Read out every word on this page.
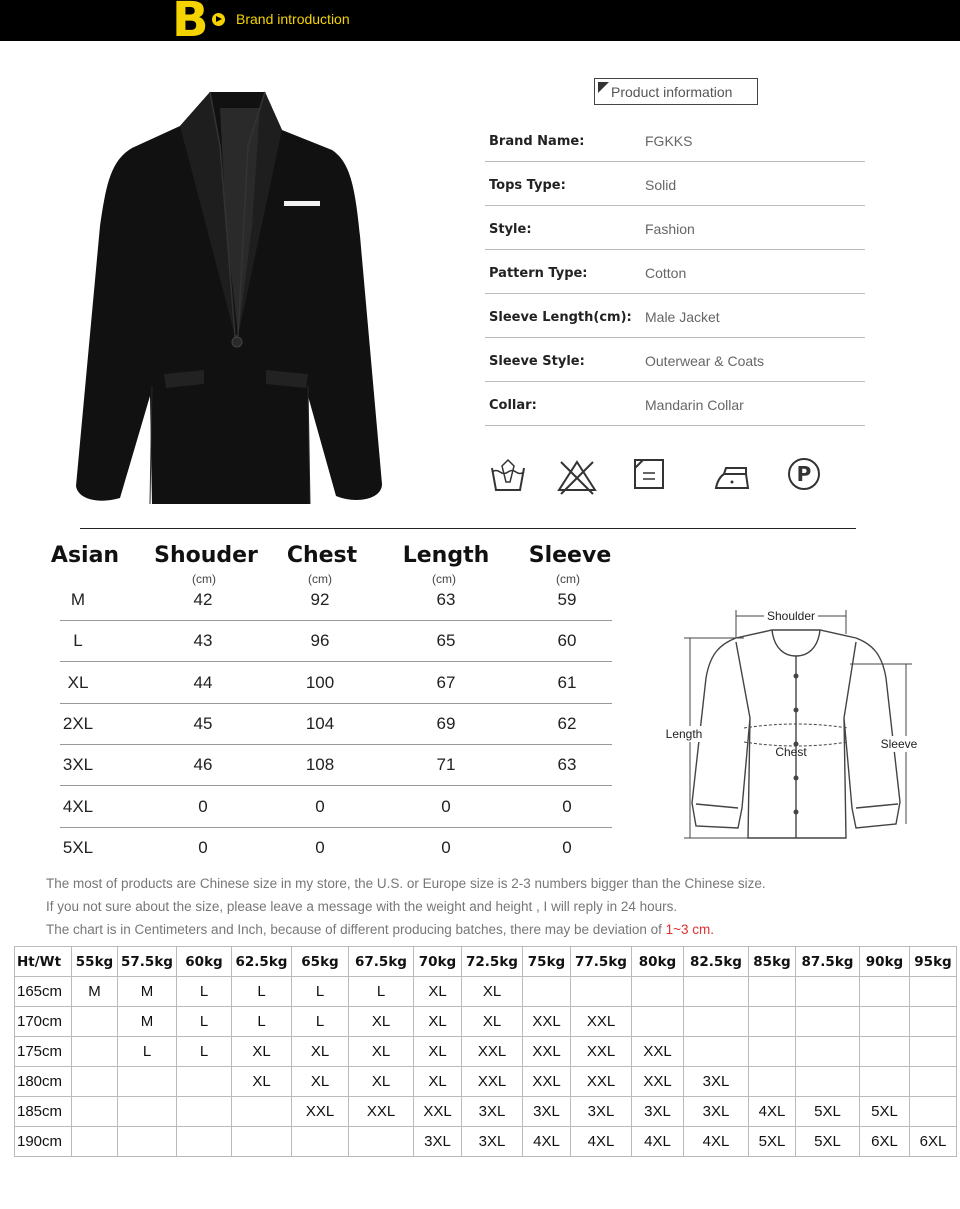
B Brand introduction
Product information
Brand Name:	FGKKS
Tops Type:	Solid
Style:	Fashion
Pattern Type:	Cotton
Sleeve Length(cm): Male Jacket
Sleeve Style:	Outerwear & Coats
Collar:	Mandarin Collar
P
Asian Shouder
(cm)
Chest
(cm)
Length
(cm)
Sleeve
(cm)
M	42	92	63	59
L	43	96	65	60
XL	44	100	67	61
2XL	45	104	69	62
3XL	46	108	71	63
4XL	0	0	0	0
5XL	0	0	0	0
Shoulder
Length
Chest
Sleeve
The most of products are Chinese size in my store, the U.S. or Europe size is 2-3 numbers bigger than the Chinese size.
If you not sure about the size, please leave a message with the weight and height , I will reply in 24 hours.
The chart is in Centimeters and Inch, because of different producing batches, there may be deviation of 1~3 cm.
Ht/Wt	55kg	57.5kg	60kg	62.5kg	65kg	67.5kg	70kg	72.5kg	75kg	77.5kg	80kg	82.5kg	85kg	87.5kg	90kg	95kg
165cm	M	M	L	L	L	L	XL	XL								
170cm		M	L	L	L	XL	XL	XL	XXL	XXL						
175cm		L	L	XL	XL	XL	XL	XXL	XXL	XXL	XXL					
180cm				XL	XL	XL	XL	XXL	XXL	XXL	XXL	3XL				
185cm					XXL	XXL	XXL	3XL	3XL	3XL	3XL	3XL	4XL	5XL	5XL	
190cm							3XL	3XL	4XL	4XL	4XL	4XL	5XL	5XL	6XL	6XL
